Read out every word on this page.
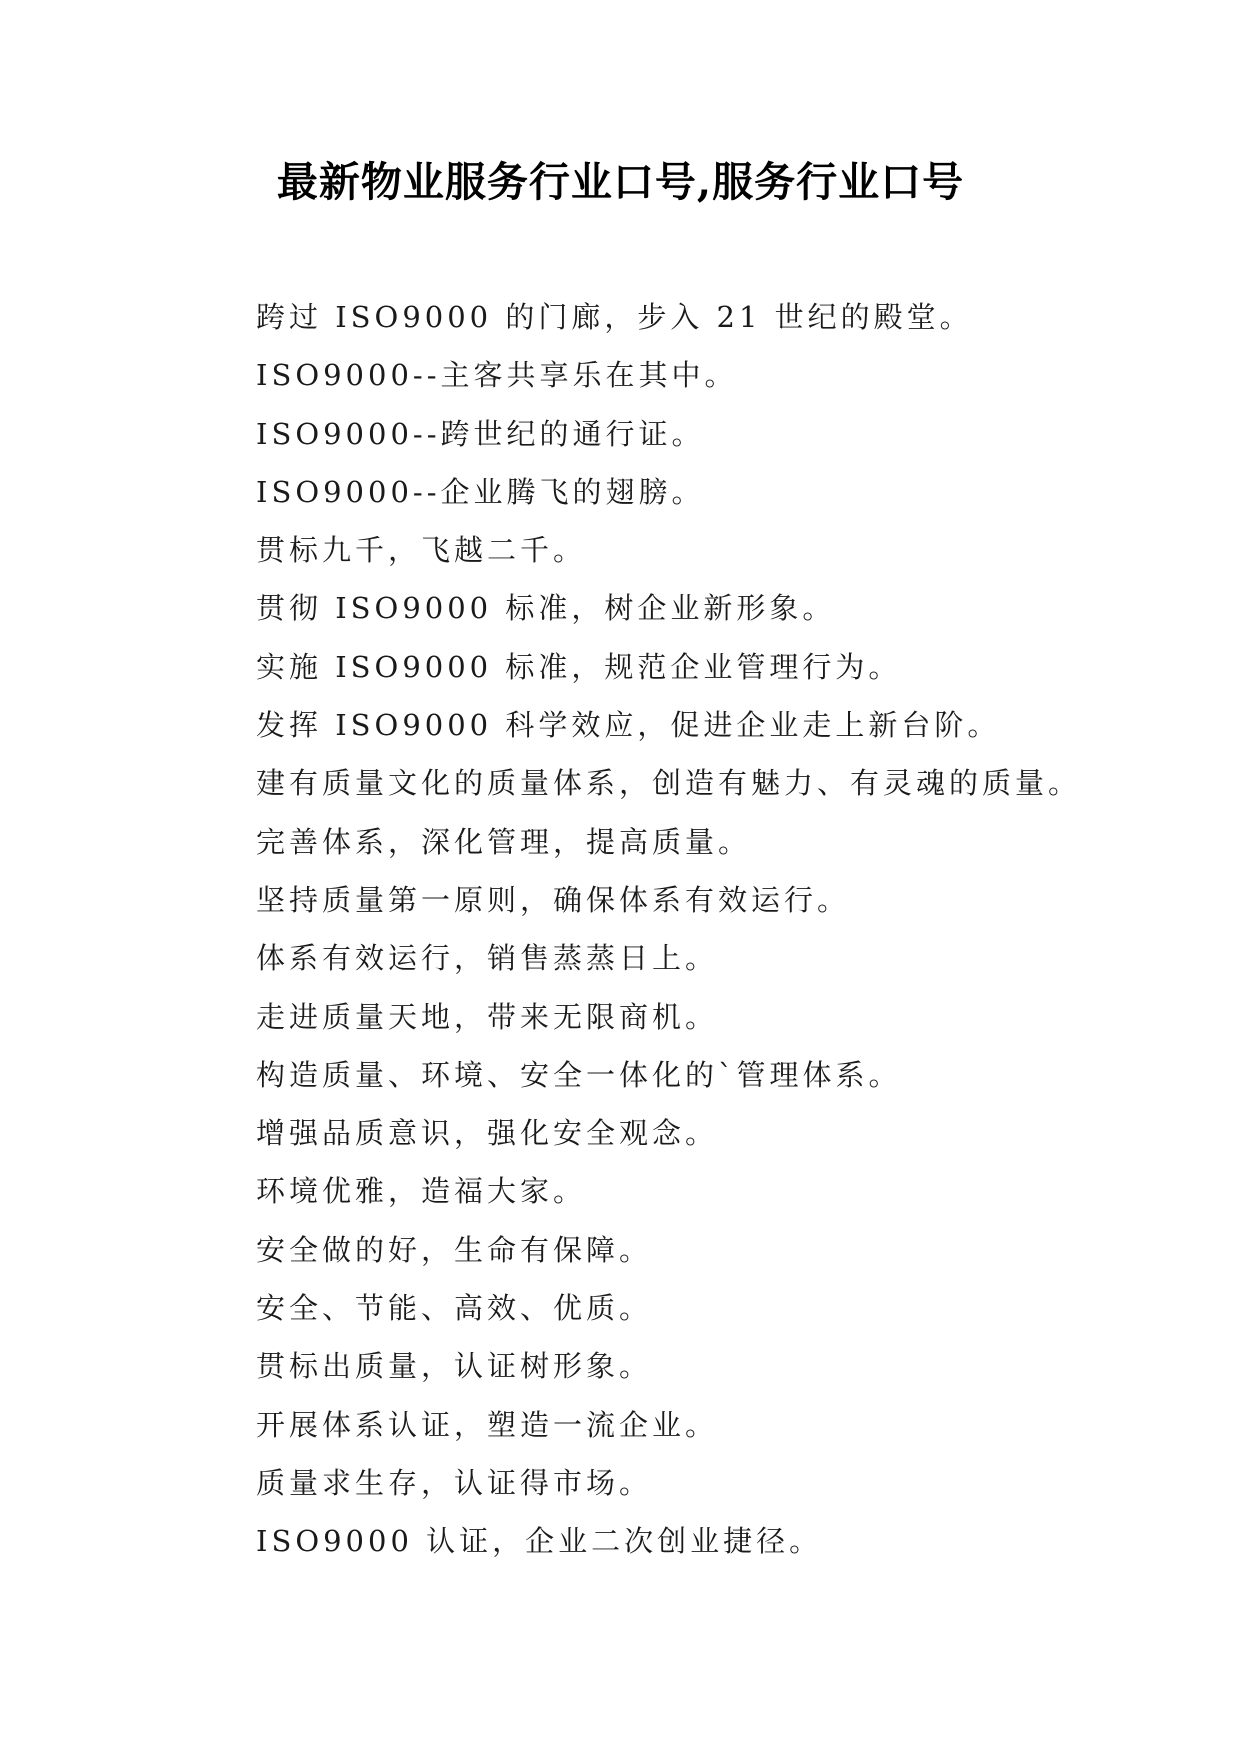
最新物业服务行业口号,服务行业口号
跨过 ISO9000 的门廊，步入 21 世纪的殿堂。
ISO9000--主客共享乐在其中。
ISO9000--跨世纪的通行证。
ISO9000--企业腾飞的翅膀。
贯标九千，飞越二千。
贯彻 ISO9000 标准，树企业新形象。
实施 ISO9000 标准，规范企业管理行为。
发挥 ISO9000 科学效应，促进企业走上新台阶。
建有质量文化的质量体系，创造有魅力、有灵魂的质量。
完善体系，深化管理，提高质量。
坚持质量第一原则，确保体系有效运行。
体系有效运行，销售蒸蒸日上。
走进质量天地，带来无限商机。
构造质量、环境、安全一体化的`管理体系。
增强品质意识，强化安全观念。
环境优雅，造福大家。
安全做的好，生命有保障。
安全、节能、高效、优质。
贯标出质量，认证树形象。
开展体系认证，塑造一流企业。
质量求生存，认证得市场。
ISO9000 认证，企业二次创业捷径。
